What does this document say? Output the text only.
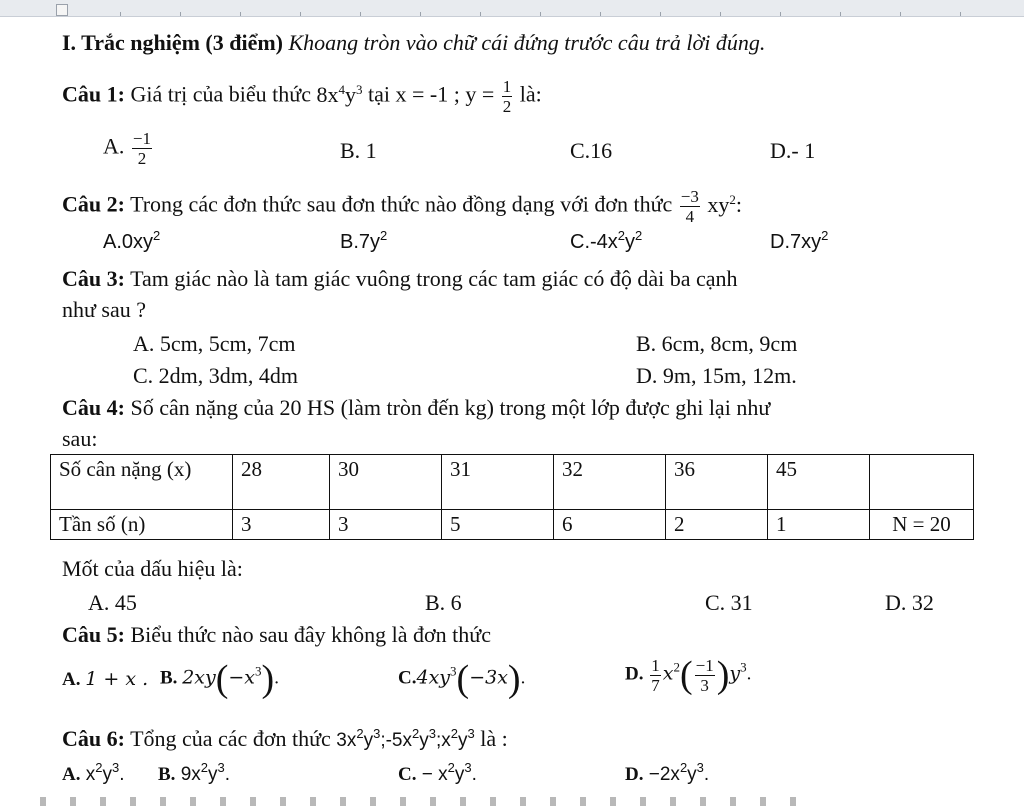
I. Trắc nghiệm (3 điểm) Khoang tròn vào chữ cái đứng trước câu trả lời đúng.
Câu 1: Giá trị của biểu thức $8x^4y^3$ tại x = -1 ; $y = \frac{1}{2}$ là:
A. $\frac{-1}{2}$	B. 1	C.16	D.- 1
Câu 2: Trong các đơn thức sau đơn thức nào đồng dạng với đơn thức $\frac{-3}{4} xy^2$:
$A.0xy^2$	$B.7y^2$	$C.-4x^2y^2$	$D.7xy^2$
Câu 3: Tam giác nào là tam giác vuông trong các tam giác có độ dài ba cạnh
như sau ?
A. 5cm, 5cm, 7cm	B. 6cm, 8cm, 9cm
C. 2dm, 3dm, 4dm	D. 9m, 15m, 12m.
Câu 4: Số cân nặng của 20 HS (làm tròn đến kg) trong một lớp được ghi lại như
sau:
Số cân nặng (x)	28	30	31	32	36	45	
Tần số (n)	3	3	5	6	2	1	N = 20
Mốt của dấu hiệu là:
A. 45	B. 6	C. 31	D. 32
Câu 5: Biểu thức nào sau đây không là đơn thức
A. 1 + x . B. $2xy(-x^3)$.	$C.4xy^3(-3x)$.	D. $\frac{1}{7} x^2( \frac{-1}{3} )y^3$.
Câu 6: Tổng của các đơn thức $3x^2y^3;-5x^2y^3;x^2y^3$ là :
A. $x^2y^3$. B. $9x^2y^3$.	C. − $x^2y^3$.	D. $-2x^2y^3$.
